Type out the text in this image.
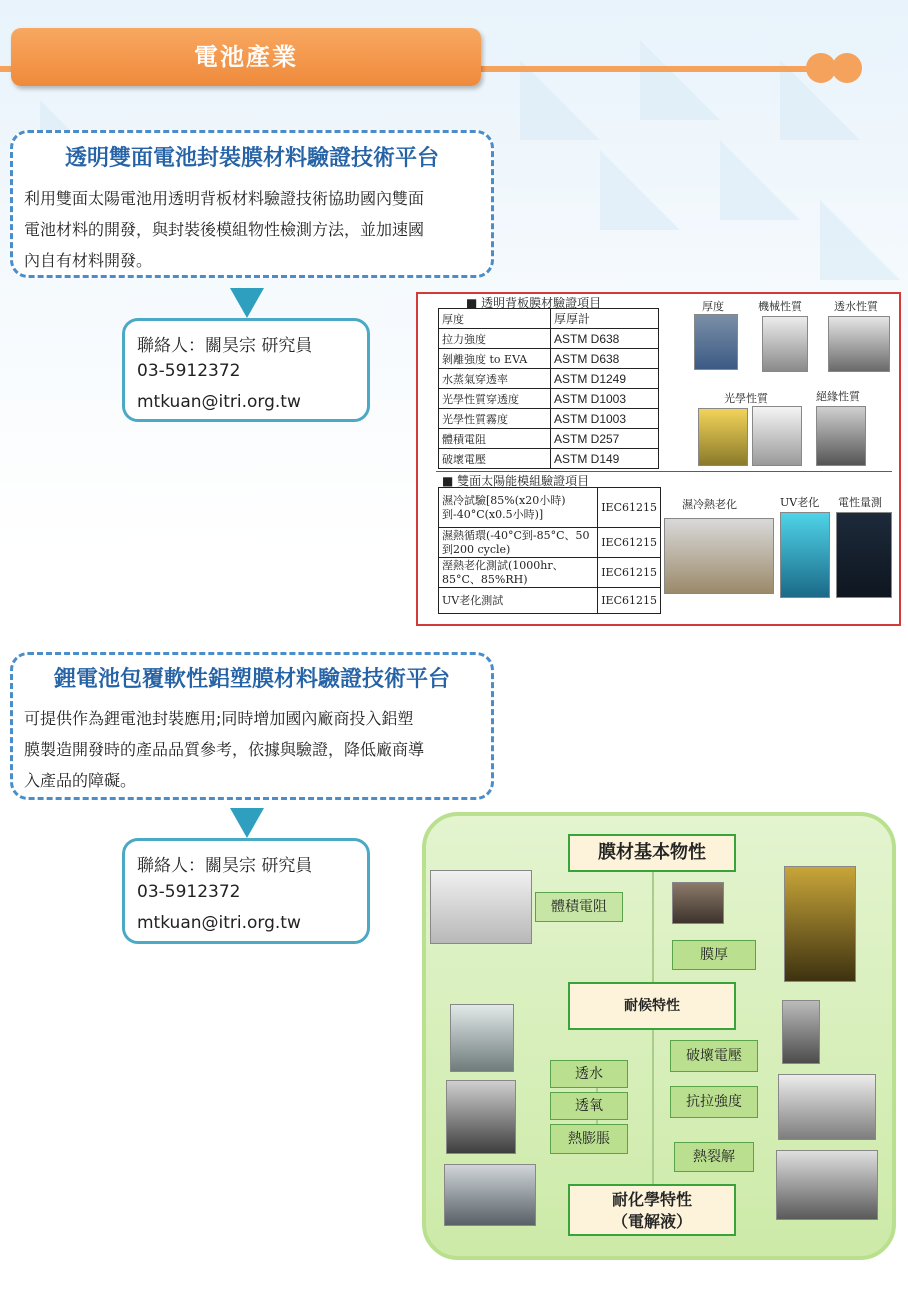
電池產業
透明雙面電池封裝膜材料驗證技術平台
利用雙面太陽電池用透明背板材料驗證技術協助國內雙面
電池材料的開發，與封裝後模組物性檢測方法，並加速國
內自有材料開發。
聯絡人：關昊宗 研究員
03-5912372
mtkuan@itri.org.tw
■ 透明背板膜材驗證項目
厚度	厚厚計
拉力強度	ASTM D638
剝離強度 to EVA	ASTM D638
水蒸氣穿透率	ASTM D1249
光學性質穿透度	ASTM D1003
光學性質霧度	ASTM D1003
體積電阻	ASTM D257
破壞電壓	ASTM D149
■ 雙面太陽能模組驗證項目
濕冷試驗[85%(x20小時)到-40°C(x0.5小時)]	IEC61215
濕熱循環(-40°C到-85°C、50到200 cycle)	IEC61215
溼熱老化測試(1000hr、85°C、85%RH)	IEC61215
UV老化測試	IEC61215
厚度	機械性質	透水性質
光學性質	絕緣性質
濕冷熱老化	UV老化 電性量測
鋰電池包覆軟性鋁塑膜材料驗證技術平台
可提供作為鋰電池封裝應用;同時增加國內廠商投入鋁塑
膜製造開發時的產品品質參考，依據與驗證，降低廠商導
入產品的障礙。
聯絡人：關昊宗 研究員
03-5912372
mtkuan@itri.org.tw
膜材基本物性
體積電阻
膜厚
耐候特性
破壞電壓
透水
抗拉強度
透氧
熱膨脹
熱裂解
耐化學特性
（電解液）
